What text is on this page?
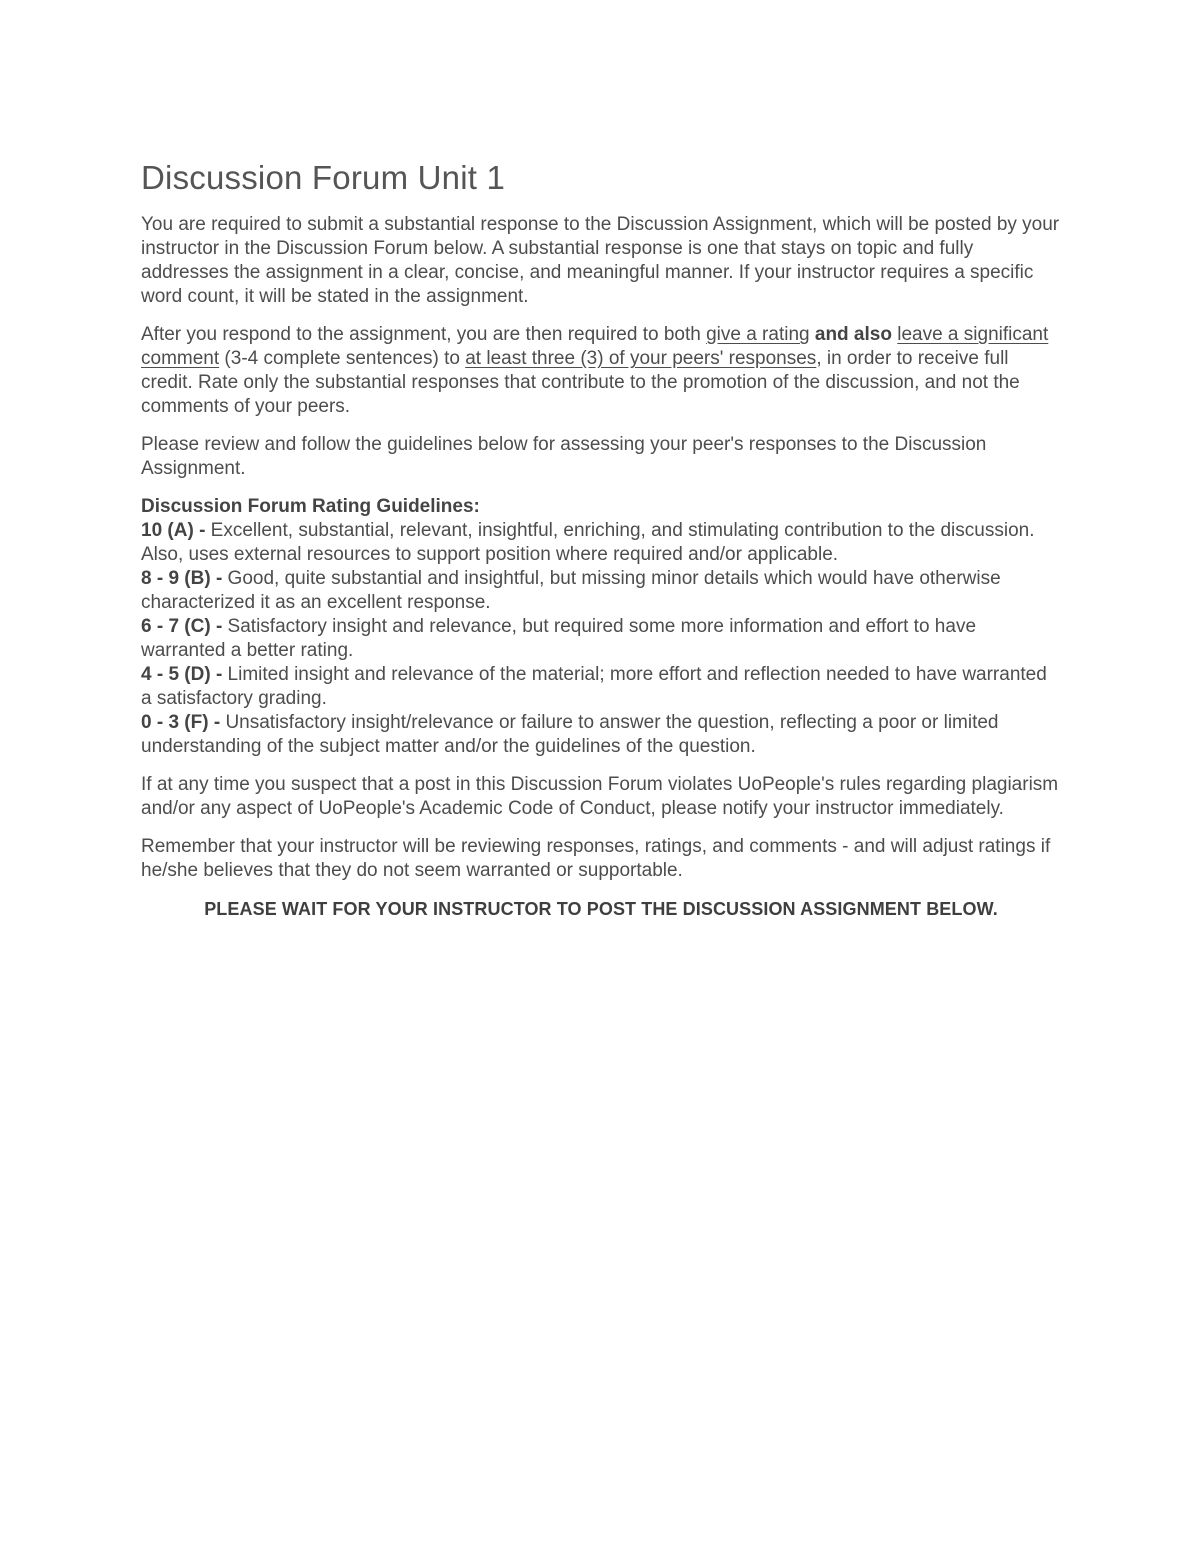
Discussion Forum Unit 1

You are required to submit a substantial response to the Discussion Assignment, which will be posted by your instructor in the Discussion Forum below. A substantial response is one that stays on topic and fully addresses the assignment in a clear, concise, and meaningful manner. If your instructor requires a specific word count, it will be stated in the assignment.

After you respond to the assignment, you are then required to both give a rating and also leave a significant comment (3-4 complete sentences) to at least three (3) of your peers' responses, in order to receive full credit. Rate only the substantial responses that contribute to the promotion of the discussion, and not the comments of your peers.

Please review and follow the guidelines below for assessing your peer's responses to the Discussion Assignment.

Discussion Forum Rating Guidelines:
10 (A) - Excellent, substantial, relevant, insightful, enriching, and stimulating contribution to the discussion. Also, uses external resources to support position where required and/or applicable.
8 - 9 (B) - Good, quite substantial and insightful, but missing minor details which would have otherwise characterized it as an excellent response.
6 - 7 (C) - Satisfactory insight and relevance, but required some more information and effort to have warranted a better rating.
4 - 5 (D) - Limited insight and relevance of the material; more effort and reflection needed to have warranted a satisfactory grading.
0 - 3 (F) - Unsatisfactory insight/relevance or failure to answer the question, reflecting a poor or limited understanding of the subject matter and/or the guidelines of the question.

If at any time you suspect that a post in this Discussion Forum violates UoPeople's rules regarding plagiarism and/or any aspect of UoPeople's Academic Code of Conduct, please notify your instructor immediately.

Remember that your instructor will be reviewing responses, ratings, and comments - and will adjust ratings if he/she believes that they do not seem warranted or supportable.

PLEASE WAIT FOR YOUR INSTRUCTOR TO POST THE DISCUSSION ASSIGNMENT BELOW.
